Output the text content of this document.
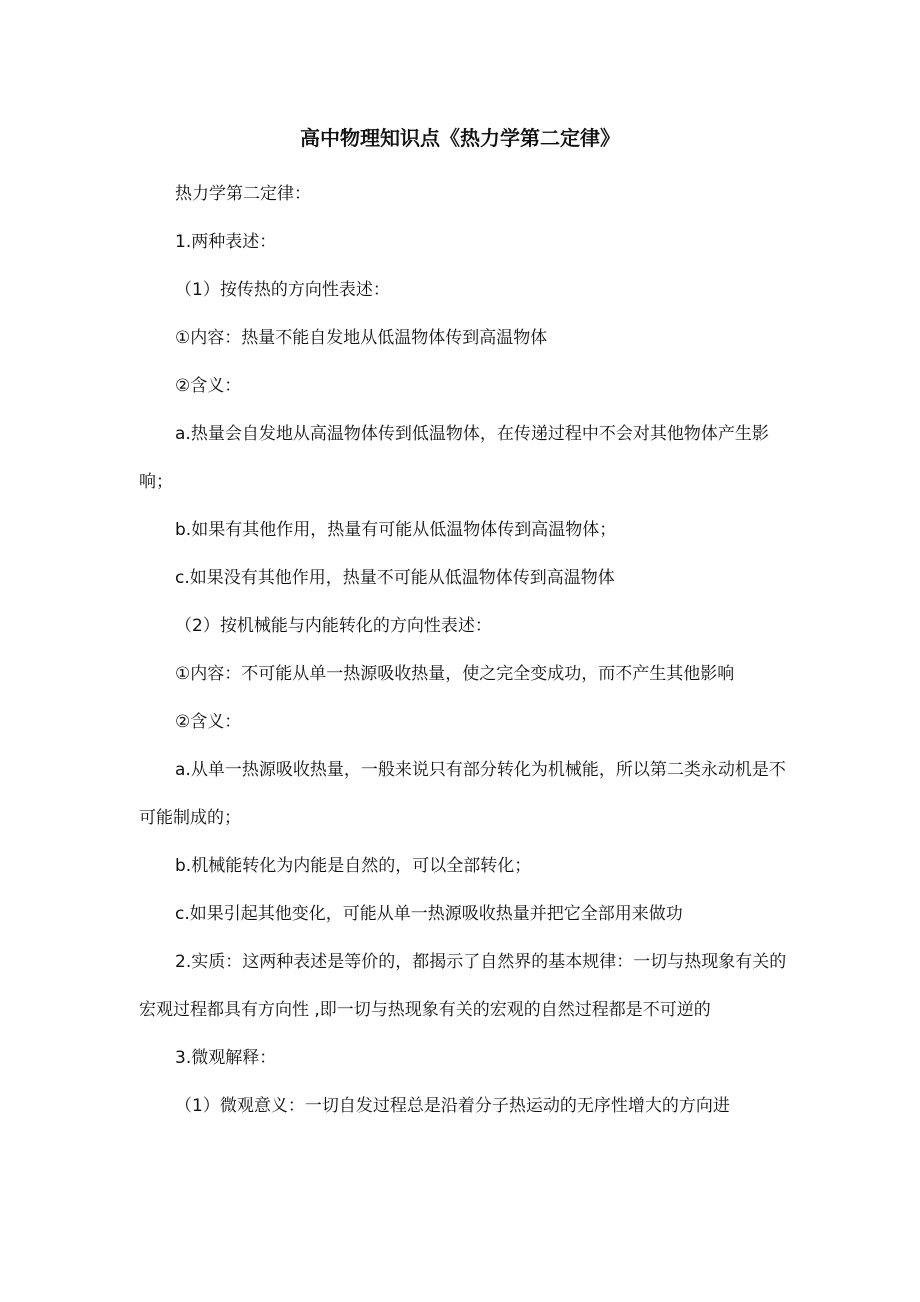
高中物理知识点《热力学第二定律》

热力学第二定律：

1.两种表述：

（1）按传热的方向性表述：

①内容：热量不能自发地从低温物体传到高温物体

②含义：

a.热量会自发地从高温物体传到低温物体，在传递过程中不会对其他物体产生影响；

b.如果有其他作用，热量有可能从低温物体传到高温物体；

c.如果没有其他作用，热量不可能从低温物体传到高温物体

（2）按机械能与内能转化的方向性表述：

①内容：不可能从单一热源吸收热量，使之完全变成功，而不产生其他影响

②含义：

a.从单一热源吸收热量，一般来说只有部分转化为机械能，所以第二类永动机是不可能制成的；

b.机械能转化为内能是自然的，可以全部转化；

c.如果引起其他变化，可能从单一热源吸收热量并把它全部用来做功

2.实质：这两种表述是等价的，都揭示了自然界的基本规律：一切与热现象有关的宏观过程都具有方向性 ,即一切与热现象有关的宏观的自然过程都是不可逆的

3.微观解释：

（1）微观意义：一切自发过程总是沿着分子热运动的无序性增大的方向进
